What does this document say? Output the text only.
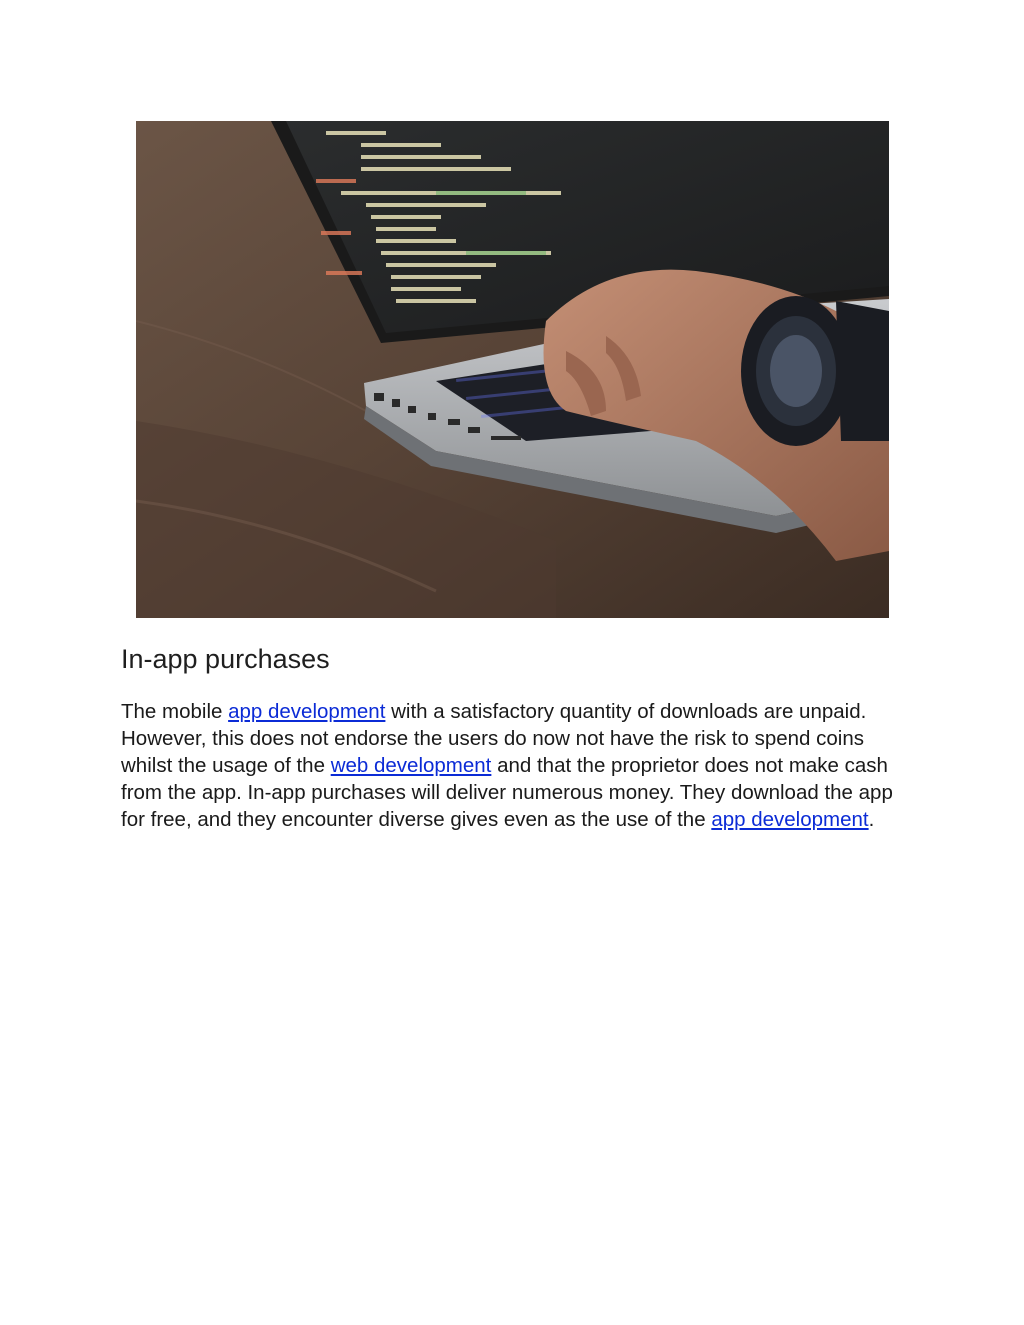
In-app purchases

The mobile app development with a satisfactory quantity of downloads are unpaid. However, this does not endorse the users do now not have the risk to spend coins whilst the usage of the web development and that the proprietor does not make cash from the app. In-app purchases will deliver numerous money. They download the app for free, and they encounter diverse gives even as the use of the app development.
